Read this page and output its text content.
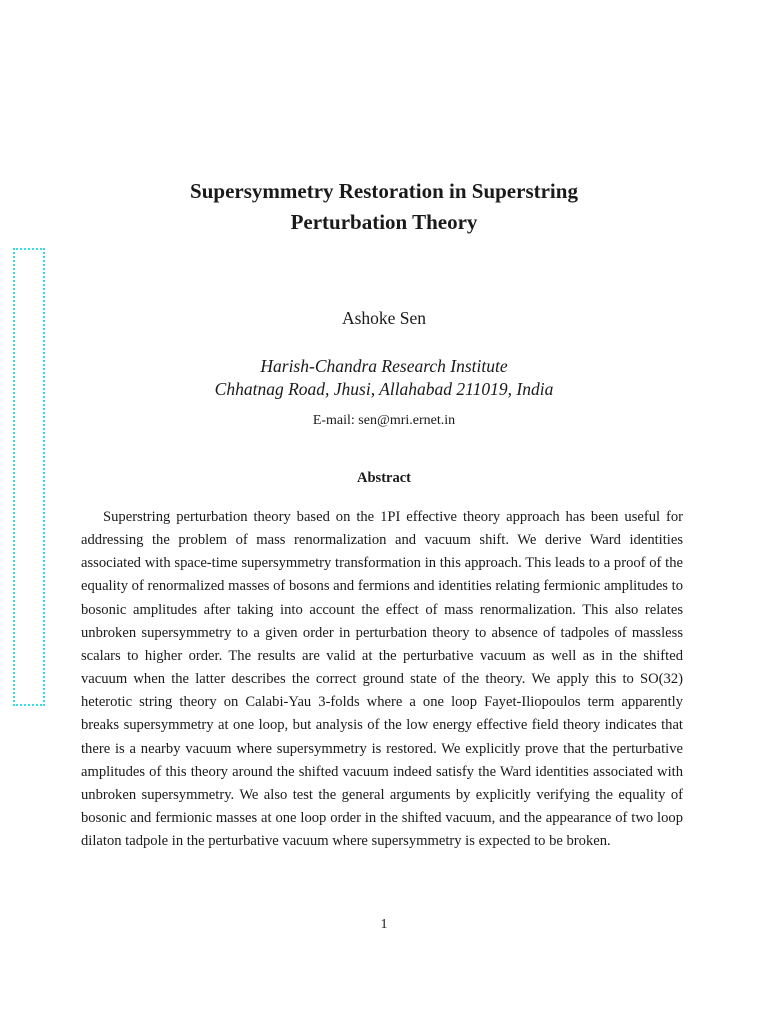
Supersymmetry Restoration in Superstring
Perturbation Theory
Ashoke Sen
Harish-Chandra Research Institute
Chhatnag Road, Jhusi, Allahabad 211019, India
E-mail: sen@mri.ernet.in
Abstract

Superstring perturbation theory based on the 1PI effective theory approach has been useful for addressing the problem of mass renormalization and vacuum shift. We derive Ward identities associated with space-time supersymmetry transformation in this approach. This leads to a proof of the equality of renormalized masses of bosons and fermions and identities relating fermionic amplitudes to bosonic amplitudes after taking into account the effect of mass renormalization. This also relates unbroken supersymmetry to a given order in perturbation theory to absence of tadpoles of massless scalars to higher order. The results are valid at the perturbative vacuum as well as in the shifted vacuum when the latter describes the correct ground state of the theory. We apply this to SO(32) heterotic string theory on Calabi-Yau 3-folds where a one loop Fayet-Iliopoulos term apparently breaks supersymmetry at one loop, but analysis of the low energy effective field theory indicates that there is a nearby vacuum where supersymmetry is restored. We explicitly prove that the perturbative amplitudes of this theory around the shifted vacuum indeed satisfy the Ward identities associated with unbroken supersymmetry. We also test the general arguments by explicitly verifying the equality of bosonic and fermionic masses at one loop order in the shifted vacuum, and the appearance of two loop dilaton tadpole in the perturbative vacuum where supersymmetry is expected to be broken.

1
